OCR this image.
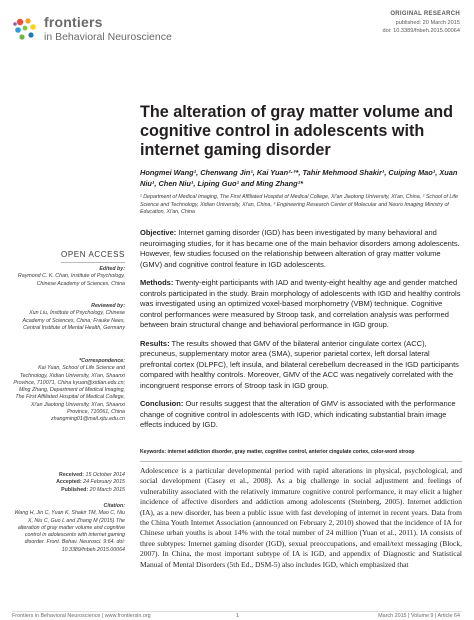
frontiers
in Behavioral Neuroscience
ORIGINAL RESEARCH
published: 20 March 2015
doi: 10.3389/fnbeh.2015.00064
The alteration of gray matter volume and cognitive control in adolescents with internet gaming disorder
Hongmei Wang¹, Chenwang Jin¹, Kai Yuan²·³*, Tahir Mehmood Shakir¹, Cuiping Mao¹, Xuan Niu¹, Chen Niu¹, Liping Guo¹ and Ming Zhang¹*
¹ Department of Medical Imaging, The First Affiliated Hospital of Medical College, Xi'an Jiaotong University, Xi'an, China, ² School of Life Science and Technology, Xidian University, Xi'an, China, ³ Engineering Research Center of Molecular and Neuro Imaging Ministry of Education, Xi'an, China
OPEN ACCESS
Edited by:
Raymond C. K. Chan, Institute of Psychology, Chinese Academy of Sciences, China
Reviewed by:
Xun Liu, Institute of Psychology, Chinese Academy of Sciences, China; Frauke Nees, Central Institute of Mental Health, Germany
*Correspondence:
Kai Yuan, School of Life Science and Technology, Xidian University, Xi'an, Shaanxi Province, 710071, China kyuan@xidian.edu.cn; Ming Zhang, Department of Medical Imaging, The First Affiliated Hospital of Medical College, Xi'an Jiaotong University, Xi'an, Shaanxi Province, 710061, China zhangming01@mail.xjtu.edu.cn
Received: 15 October 2014
Accepted: 24 February 2015
Published: 20 March 2015
Citation:
Wang H, Jin C, Yuan K, Shakir TM, Mao C, Niu X, Niu C, Guo L and Zhang M (2015) The alteration of gray matter volume and cognitive control in adolescents with internet gaming disorder. Front. Behav. Neurosci. 9:64. doi: 10.3389/fnbeh.2015.00064

Objective: Internet gaming disorder (IGD) has been investigated by many behavioral and neuroimaging studies, for it has became one of the main behavior disorders among adolescents. However, few studies focused on the relationship between alteration of gray matter volume (GMV) and cognitive control feature in IGD adolescents.

Methods: Twenty-eight participants with IAD and twenty-eight healthy age and gender matched controls participated in the study. Brain morphology of adolescents with IGD and healthy controls was investigated using an optimized voxel-based morphometry (VBM) technique. Cognitive control performances were measured by Stroop task, and correlation analysis was performed between brain structural change and behavioral performance in IGD group.

Results: The results showed that GMV of the bilateral anterior cingulate cortex (ACC), precuneus, supplementary motor area (SMA), superior parietal cortex, left dorsal lateral prefrontal cortex (DLPFC), left insula, and bilateral cerebellum decreased in the IGD participants compared with healthy controls. Moreover, GMV of the ACC was negatively correlated with the incongruent response errors of Stroop task in IGD group.

Conclusion: Our results suggest that the alteration of GMV is associated with the performance change of cognitive control in adolescents with IGD, which indicating substantial brain image effects induced by IGD.

Keywords: internet addiction disorder, gray matter, cognitive control, anterior cingulate cortex, color-word stroop
Adolescence is a particular developmental period with rapid alterations in physical, psychological, and social development (Casey et al., 2008). As a big challenge in social adjustment and feelings of vulnerability associated with the relatively immature cognitive control performance, it may elicit a higher incidence of affective disorders and addiction among adolescents (Steinberg, 2005). Internet addiction (IA), as a new disorder, has been a public issue with fast developing of internet in recent years. Data from the China Youth Internet Association (announced on February 2, 2010) showed that the incidence of IA for Chinese urban youths is about 14% with the total number of 24 million (Yuan et al., 2011). IA consists of three subtypes: Internet gaming disorder (IGD), sexual preoccupations, and email/text messaging (Block, 2007). In China, the most important subtype of IA is IGD, and appendix of Diagnostic and Statistical Manual of Mental Disorders (5th Ed., DSM-5) also includes IGD, which emphasized that
Frontiers in Behavioral Neuroscience | www.frontiersin.org	1	March 2015 | Volume 9 | Article 64
